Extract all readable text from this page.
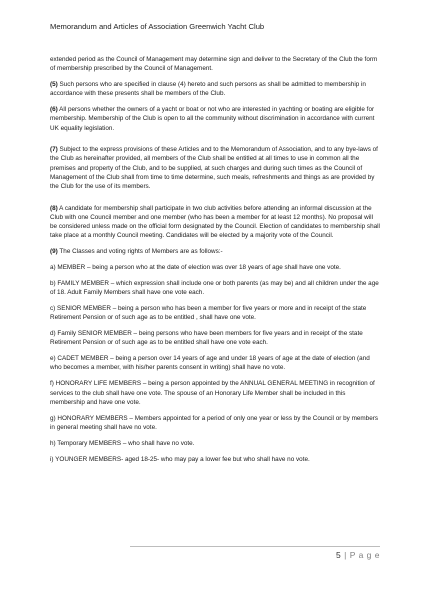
Memorandum and Articles of Association Greenwich Yacht Club

extended period as the Council of Management may determine sign and deliver to the Secretary of the Club the form of membership prescribed by the Council of Management.

(5) Such persons who are specified in clause (4) hereto and such persons as shall be admitted to membership in accordance with these presents shall be members of the Club.

(6) All persons whether the owners of a yacht or boat or not who are interested in yachting or boating are eligible for membership. Membership of the Club is open to all the community without discrimination in accordance with current UK equality legislation.

(7) Subject to the express provisions of these Articles and to the Memorandum of Association, and to any bye-laws of the Club as hereinafter provided, all members of the Club shall be entitled at all times to use in common all the premises and property of the Club, and to be supplied, at such charges and during such times as the Council of Management of the Club shall from time to time determine, such meals, refreshments and things as are provided by the Club for the use of its members.

(8) A candidate for membership shall participate in two club activities before attending an informal discussion at the Club with one Council member and one member (who has been a member for at least 12 months). No proposal will be considered unless made on the official form designated by the Council. Election of candidates to membership shall take place at a monthly Council meeting. Candidates will be elected by a majority vote of the Council.

(9) The Classes and voting rights of Members are as follows:-

a) MEMBER – being a person who at the date of election was over 18 years of age shall have one vote.

b) FAMILY MEMBER – which expression shall include one or both parents (as may be) and all children under the age of 18. Adult Family Members shall have one vote each.

c) SENIOR MEMBER – being a person who has been a member for five years or more and in receipt of the state Retirement Pension or of such age as to be entitled , shall have one vote.

d) Family SENIOR MEMBER – being persons who have been members for five years and in receipt of the state Retirement Pension or of such age as to be entitled shall have one vote each.

e) CADET MEMBER – being a person over 14 years of age and under 18 years of age at the date of election (and who becomes a member, with his/her parents consent in writing) shall have no vote.

f) HONORARY LIFE MEMBERS – being a person appointed by the ANNUAL GENERAL MEETING in recognition of services to the club shall have one vote. The spouse of an Honorary Life Member shall be included in this membership and have one vote.

g) HONORARY MEMBERS – Members appointed for a period of only one year or less by the Council or by members in general meeting shall have no vote.

h) Temporary MEMBERS – who shall have no vote.

i) YOUNGER MEMBERS- aged 18-25- who may pay a lower fee but who shall have no vote.

5 | P a g e
